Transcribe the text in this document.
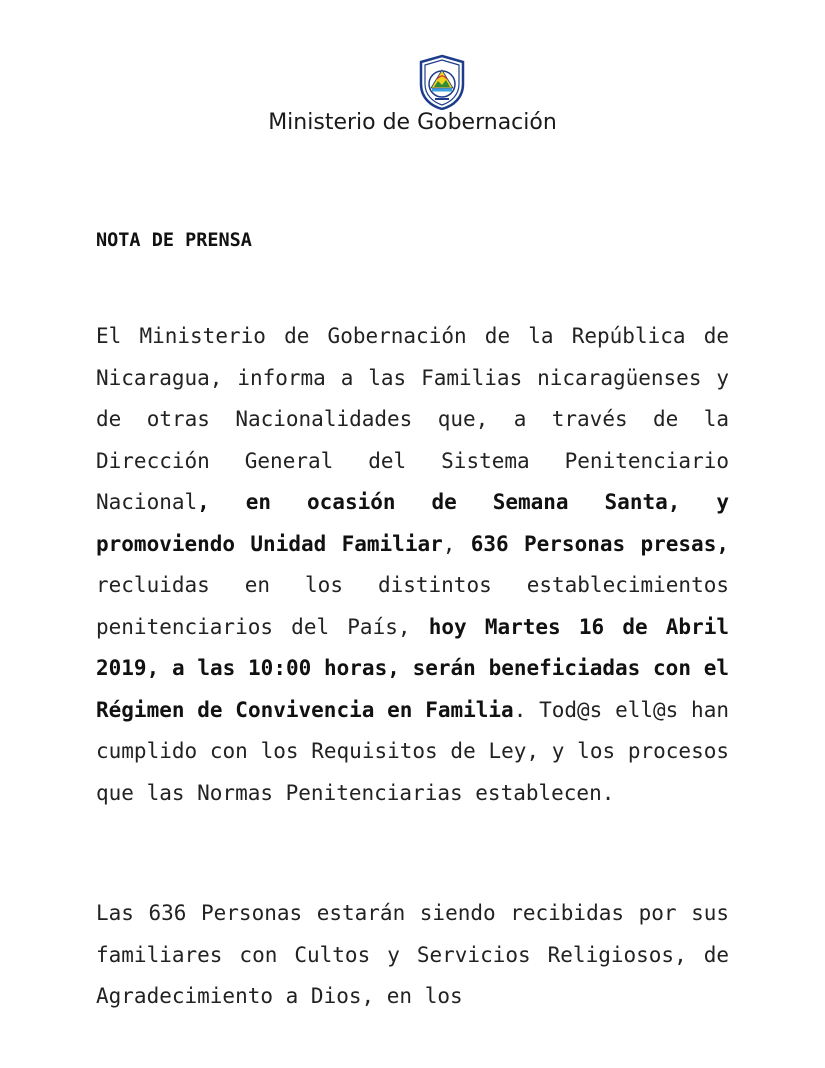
Ministerio de Gobernación
NOTA DE PRENSA

El Ministerio de Gobernación de la República de Nicaragua, informa a las Familias nicaragüenses y de otras Nacionalidades que, a través de la Dirección General del Sistema Penitenciario Nacional, en ocasión de Semana Santa, y promoviendo Unidad Familiar, 636 Personas presas, recluidas en los distintos establecimientos penitenciarios del País, hoy Martes 16 de Abril 2019, a las 10:00 horas, serán beneficiadas con el Régimen de Convivencia en Familia. Tod@s ell@s han cumplido con los Requisitos de Ley, y los procesos que las Normas Penitenciarias establecen.

Las 636 Personas estarán siendo recibidas por sus familiares con Cultos y Servicios Religiosos, de Agradecimiento a Dios, en los
